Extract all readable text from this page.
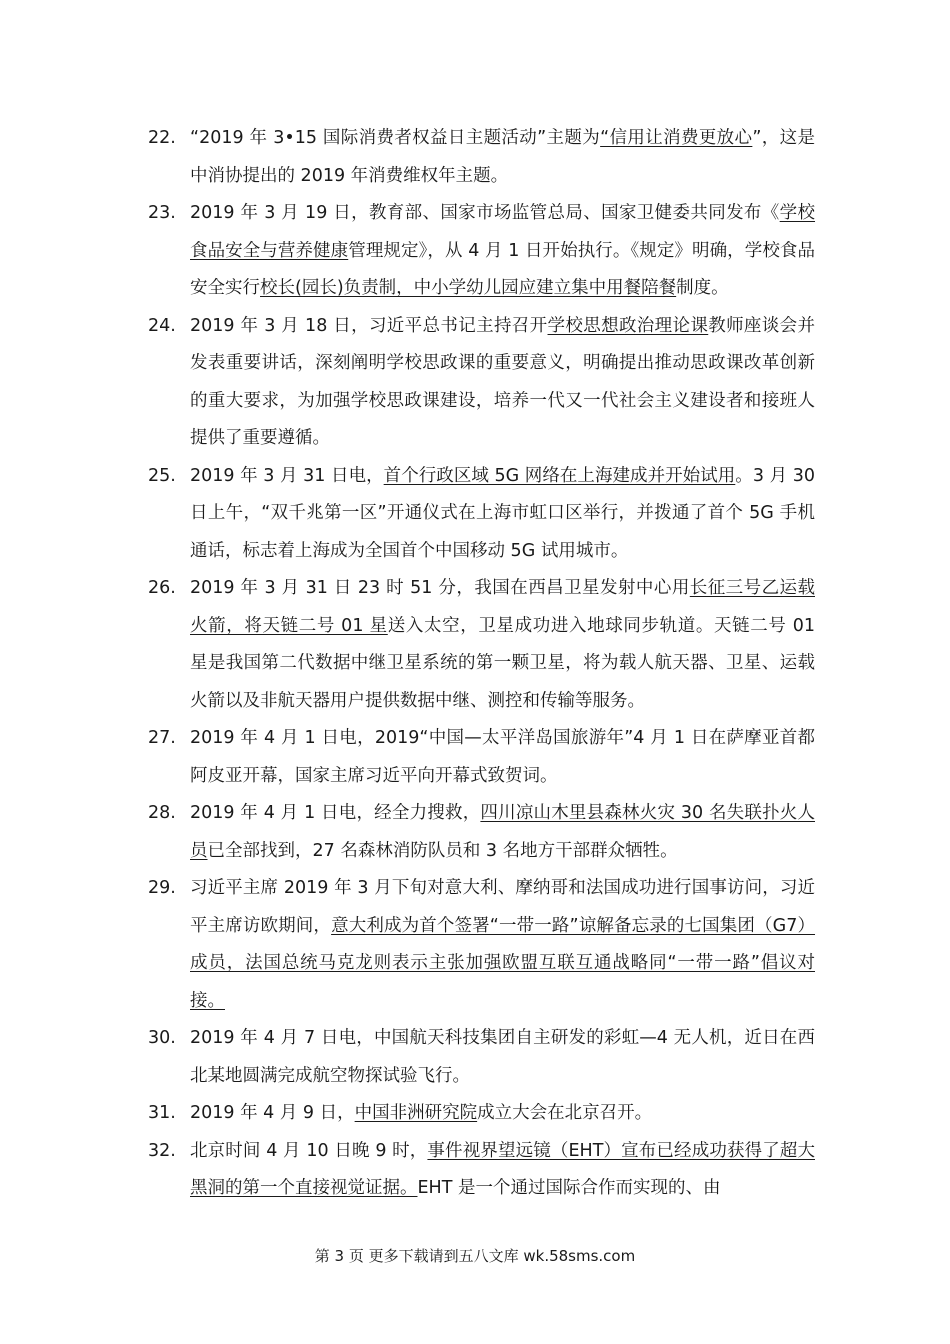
22. “2019 年 3•15 国际消费者权益日主题活动”主题为“信用让消费更放心”，这是中消协提出的 2019 年消费维权年主题。
23. 2019 年 3 月 19 日，教育部、国家市场监管总局、国家卫健委共同发布《学校食品安全与营养健康管理规定》，从 4 月 1 日开始执行。《规定》明确，学校食品安全实行校长(园长)负责制，中小学幼儿园应建立集中用餐陪餐制度。
24. 2019 年 3 月 18 日，习近平总书记主持召开学校思想政治理论课教师座谈会并发表重要讲话，深刻阐明学校思政课的重要意义，明确提出推动思政课改革创新的重大要求，为加强学校思政课建设，培养一代又一代社会主义建设者和接班人提供了重要遵循。
25. 2019 年 3 月 31 日电，首个行政区域 5G 网络在上海建成并开始试用。3 月 30 日上午，“双千兆第一区”开通仪式在上海市虹口区举行，并拨通了首个 5G 手机通话，标志着上海成为全国首个中国移动 5G 试用城市。
26. 2019 年 3 月 31 日 23 时 51 分，我国在西昌卫星发射中心用长征三号乙运载火箭，将天链二号 01 星送入太空，卫星成功进入地球同步轨道。天链二号 01 星是我国第二代数据中继卫星系统的第一颗卫星，将为载人航天器、卫星、运载火箭以及非航天器用户提供数据中继、测控和传输等服务。
27. 2019 年 4 月 1 日电，2019“中国—太平洋岛国旅游年”4 月 1 日在萨摩亚首都阿皮亚开幕，国家主席习近平向开幕式致贺词。
28. 2019 年 4 月 1 日电，经全力搜救，四川凉山木里县森林火灾 30 名失联扑火人员已全部找到，27 名森林消防队员和 3 名地方干部群众牺牲。
29. 习近平主席 2019 年 3 月下旬对意大利、摩纳哥和法国成功进行国事访问，习近平主席访欧期间，意大利成为首个签署“一带一路”谅解备忘录的七国集团（G7）成员，法国总统马克龙则表示主张加强欧盟互联互通战略同“一带一路”倡议对接。
30. 2019 年 4 月 7 日电，中国航天科技集团自主研发的彩虹—4 无人机，近日在西北某地圆满完成航空物探试验飞行。
31. 2019 年 4 月 9 日，中国非洲研究院成立大会在北京召开。
32. 北京时间 4 月 10 日晚 9 时，事件视界望远镜（EHT）宣布已经成功获得了超大黑洞的第一个直接视觉证据。EHT 是一个通过国际合作而实现的、由
第 3 页 更多下载请到五八文库 wk.58sms.com
